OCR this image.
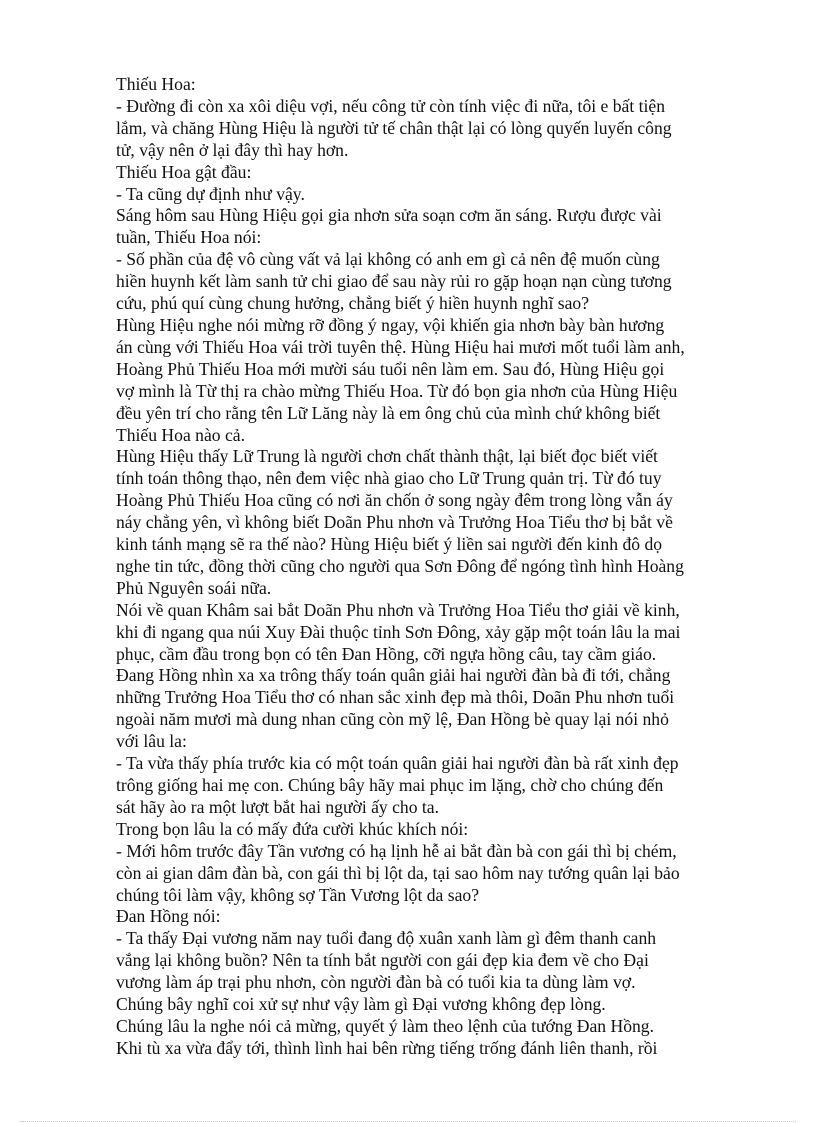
Thiếu Hoa:
- Đường đi còn xa xôi diệu vợi, nếu công tử còn tính việc đi nữa, tôi e bất tiện
lắm, và chăng Hùng Hiệu là người tử tế chân thật lại có lòng quyến luyến công
tử, vậy nên ở lại đây thì hay hơn.
Thiếu Hoa gật đầu:
- Ta cũng dự định như vậy.
Sáng hôm sau Hùng Hiệu gọi gia nhơn sửa soạn cơm ăn sáng. Rượu được vài
tuần, Thiếu Hoa nói:
- Số phần của đệ vô cùng vất vả lại không có anh em gì cả nên đệ muốn cùng
hiền huynh kết làm sanh tử chi giao để sau này rủi ro gặp hoạn nạn cùng tương
cứu, phú quí cùng chung hưởng, chẳng biết ý hiền huynh nghĩ sao?
Hùng Hiệu nghe nói mừng rỡ đồng ý ngay, vội khiến gia nhơn bày bàn hương
án cùng với Thiếu Hoa vái trời tuyên thệ. Hùng Hiệu hai mươi mốt tuổi làm anh,
Hoàng Phủ Thiếu Hoa mới mười sáu tuổi nên làm em. Sau đó, Hùng Hiệu gọi
vợ mình là Từ thị ra chào mừng Thiếu Hoa. Từ đó bọn gia nhơn của Hùng Hiệu
đều yên trí cho rằng tên Lữ Lăng này là em ông chủ của mình chứ không biết
Thiếu Hoa nào cả.
Hùng Hiệu thấy Lữ Trung là người chơn chất thành thật, lại biết đọc biết viết
tính toán thông thạo, nên đem việc nhà giao cho Lữ Trung quản trị. Từ đó tuy
Hoàng Phủ Thiếu Hoa cũng có nơi ăn chốn ở song ngày đêm trong lòng vẫn áy
náy chẳng yên, vì không biết Doãn Phu nhơn và Trưởng Hoa Tiểu thơ bị bắt về
kinh tánh mạng sẽ ra thế nào? Hùng Hiệu biết ý liền sai người đến kinh đô dọ
nghe tin tức, đồng thời cũng cho người qua Sơn Đông để ngóng tình hình Hoàng
Phủ Nguyên soái nữa.
Nói về quan Khâm sai bắt Doãn Phu nhơn và Trưởng Hoa Tiểu thơ giải về kinh,
khi đi ngang qua núi Xuy Đài thuộc tỉnh Sơn Đông, xảy gặp một toán lâu la mai
phục, cầm đầu trong bọn có tên Đan Hồng, cỡi ngựa hồng câu, tay cầm giáo.
Đang Hồng nhìn xa xa trông thấy toán quân giải hai người đàn bà đi tới, chẳng
những Trưởng Hoa Tiểu thơ có nhan sắc xinh đẹp mà thôi, Doãn Phu nhơn tuổi
ngoài năm mươi mà dung nhan cũng còn mỹ lệ, Đan Hồng bè quay lại nói nhỏ
với lâu la:
- Ta vừa thấy phía trước kia có một toán quân giải hai người đàn bà rất xinh đẹp
trông giống hai mẹ con. Chúng bây hãy mai phục im lặng, chờ cho chúng đến
sát hãy ào ra một lượt bắt hai người ấy cho ta.
Trong bọn lâu la có mấy đứa cười khúc khích nói:
- Mới hôm trước đây Tần vương có hạ lịnh hễ ai bắt đàn bà con gái thì bị chém,
còn ai gian dâm đàn bà, con gái thì bị lột da, tại sao hôm nay tướng quân lại bảo
chúng tôi làm vậy, không sợ Tần Vương lột da sao?
Đan Hồng nói:
- Ta thấy Đại vương năm nay tuổi đang độ xuân xanh làm gì đêm thanh canh
vắng lại không buồn? Nên ta tính bắt người con gái đẹp kia đem về cho Đại
vương làm áp trại phu nhơn, còn người đàn bà có tuổi kia ta dùng làm vợ.
Chúng bây nghĩ coi xử sự như vậy làm gì Đại vương không đẹp lòng.
Chúng lâu la nghe nói cả mừng, quyết ý làm theo lệnh của tướng Đan Hồng.
Khi tù xa vừa đẩy tới, thình lình hai bên rừng tiếng trống đánh liên thanh, rồi
